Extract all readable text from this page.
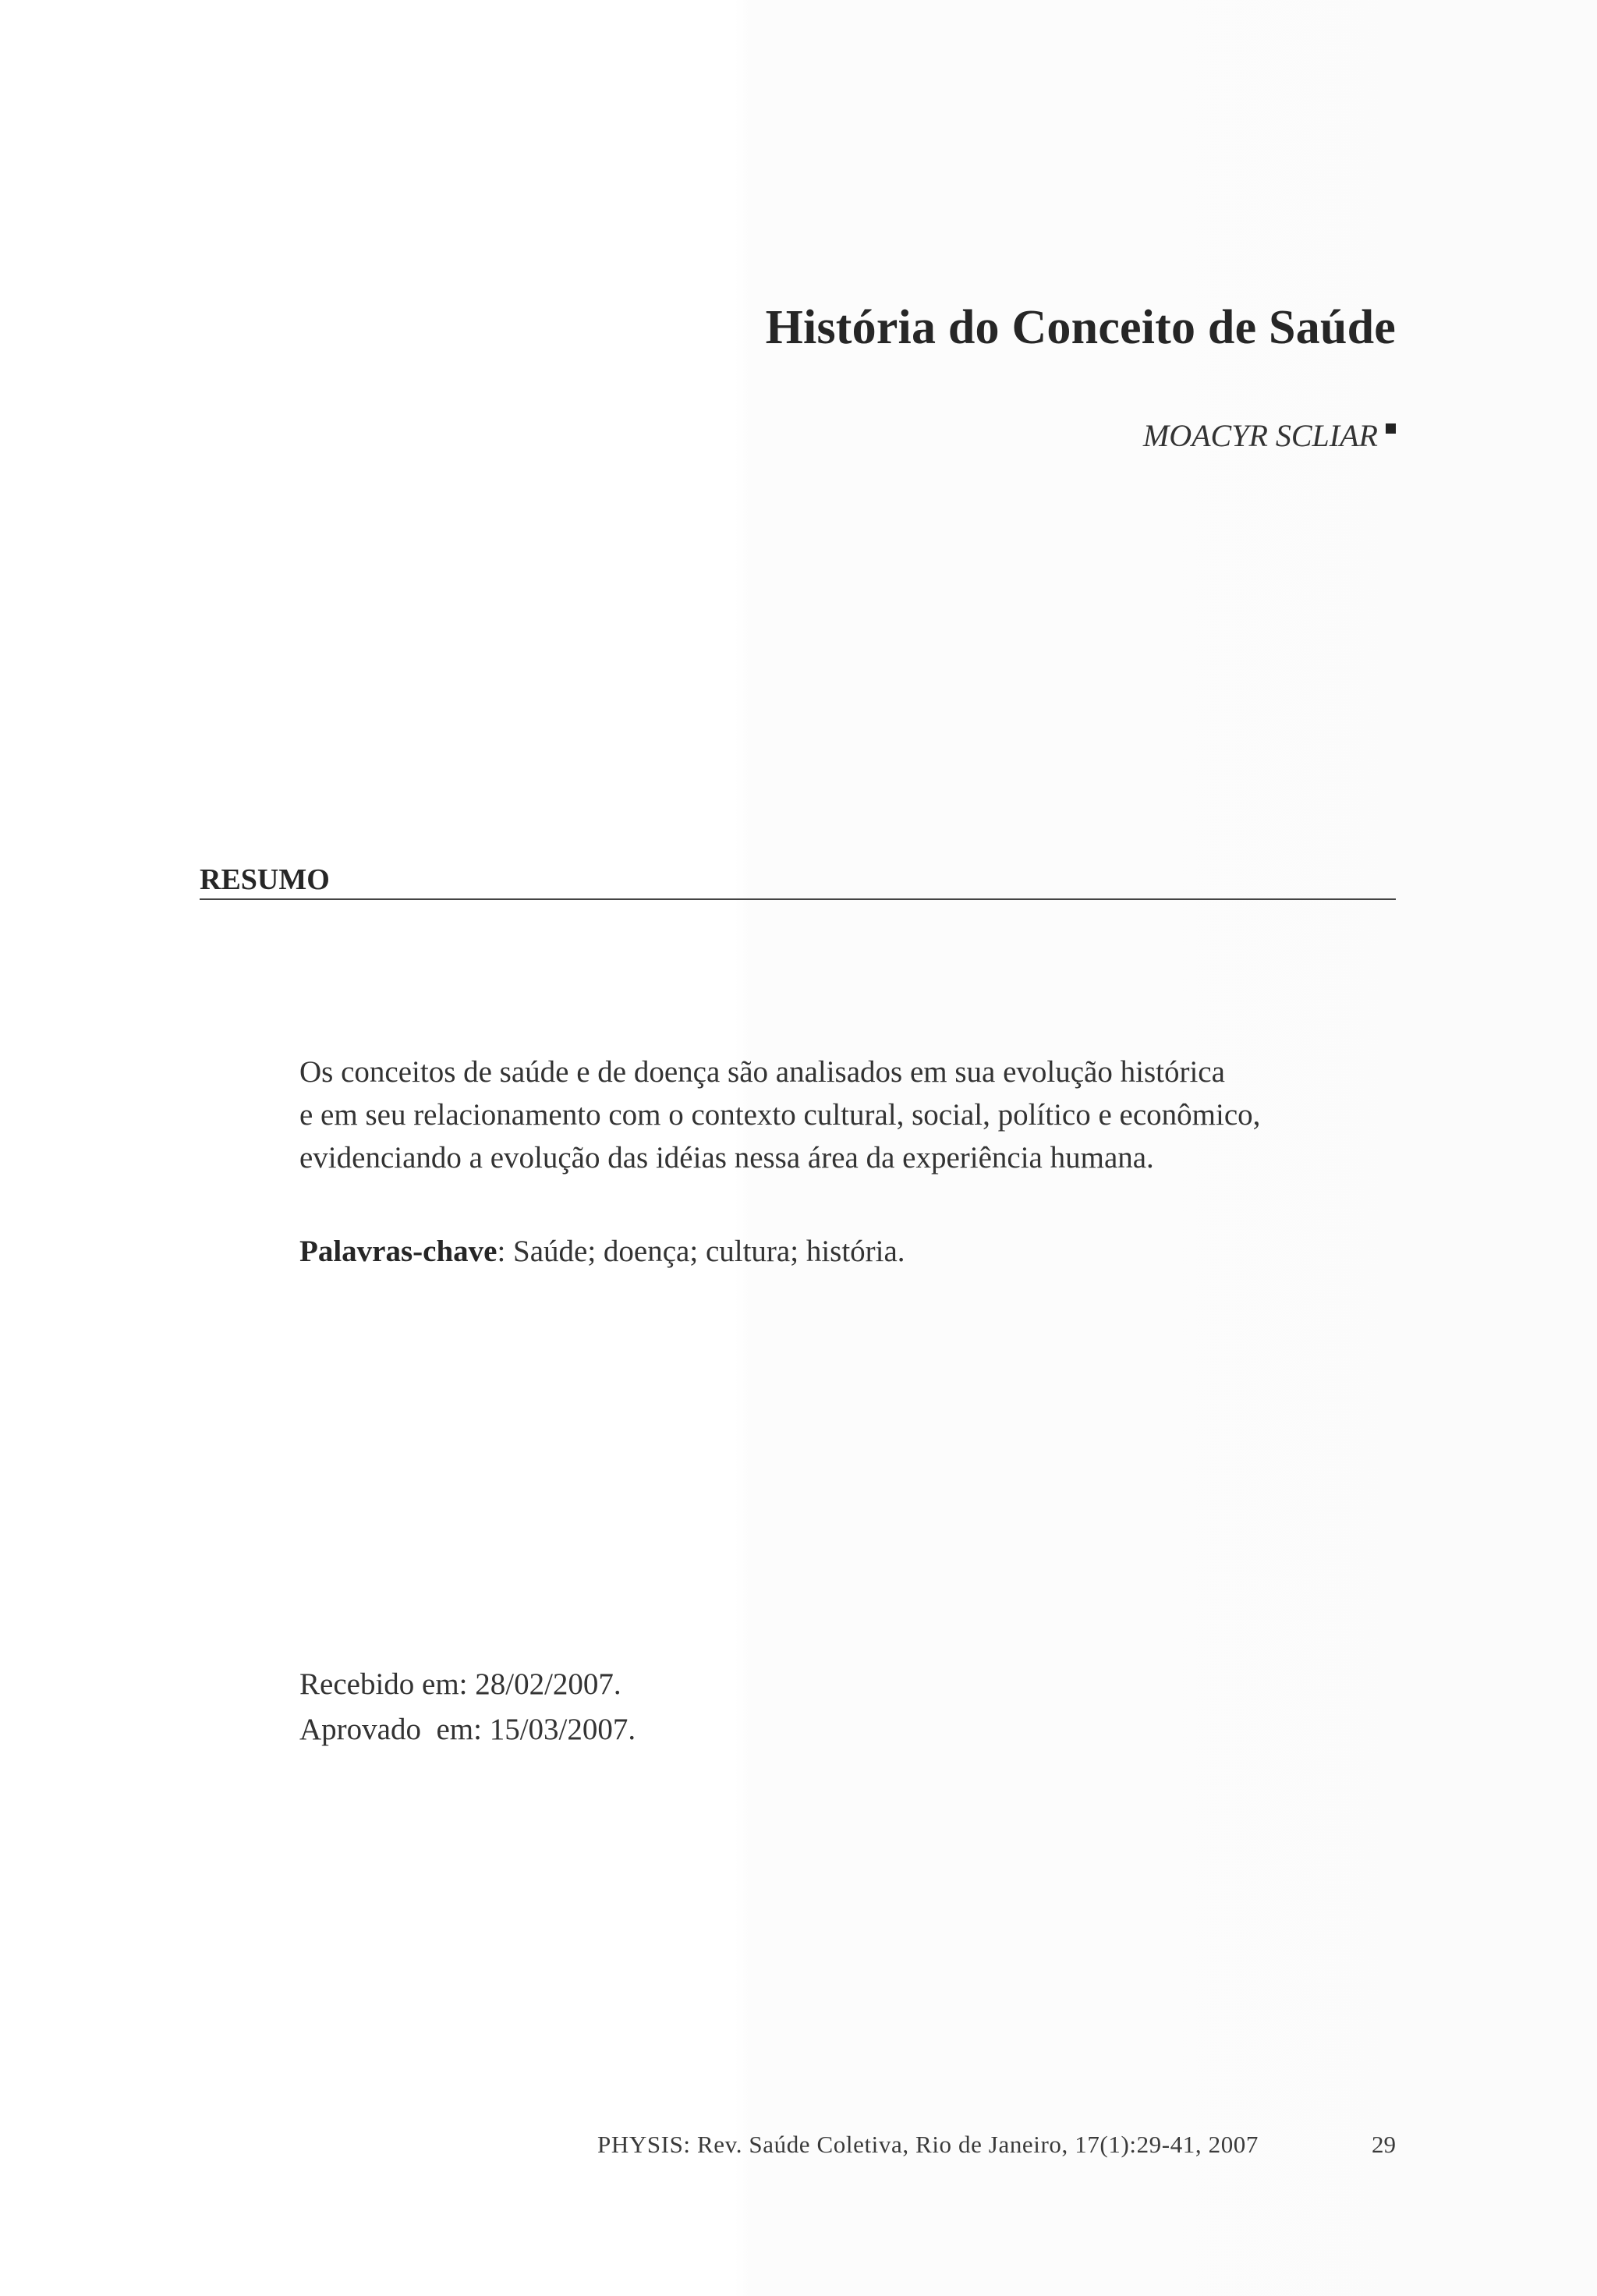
História do Conceito de Saúde
MOACYR SCLIAR
RESUMO
Os conceitos de saúde e de doença são analisados em sua evolução histórica
e em seu relacionamento com o contexto cultural, social, político e econômico,
evidenciando a evolução das idéias nessa área da experiência humana.
Palavras-chave: Saúde; doença; cultura; história.
Recebido em: 28/02/2007.
Aprovado  em: 15/03/2007.
PHYSIS: Rev. Saúde Coletiva, Rio de Janeiro, 17(1):29-41, 2007	29
